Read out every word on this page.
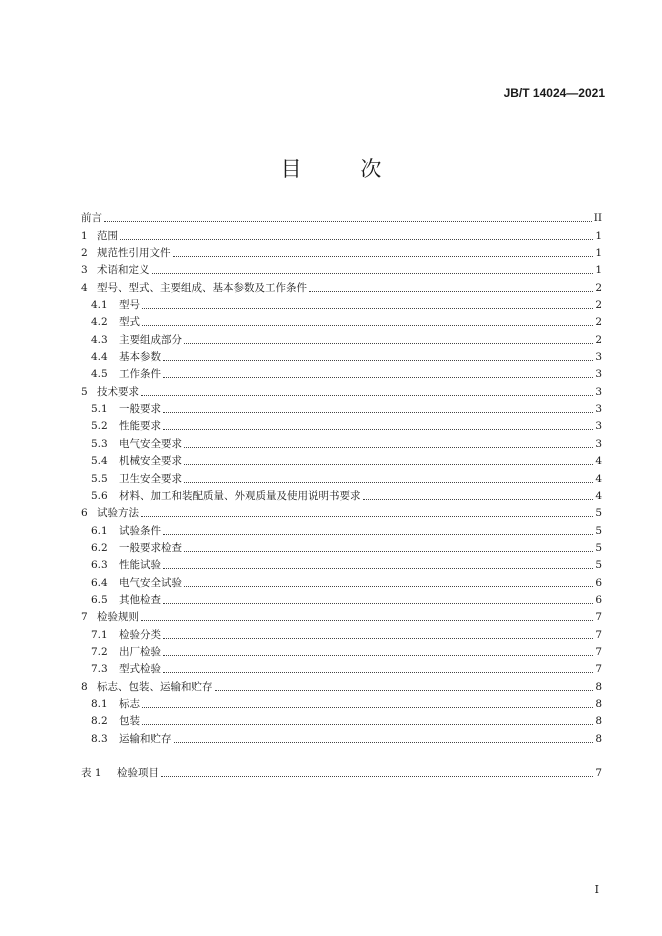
JB/T 14024—2021
目 次
前言	II
1 范围	1
2 规范性引用文件	1
3 术语和定义	1
4 型号、型式、主要组成、基本参数及工作条件	2
4.1	型号	2
4.2	型式	2
4.3	主要组成部分	2
4.4	基本参数	3
4.5	工作条件	3
5 技术要求	3
5.1	一般要求	3
5.2	性能要求	3
5.3	电气安全要求	3
5.4	机械安全要求	4
5.5	卫生安全要求	4
5.6	材料、加工和装配质量、外观质量及使用说明书要求	4
6 试验方法	5
6.1	试验条件	5
6.2	一般要求检查	5
6.3	性能试验	5
6.4	电气安全试验	6
6.5	其他检查	6
7 检验规则	7
7.1	检验分类	7
7.2	出厂检验	7
7.3	型式检验	7
8 标志、包装、运输和贮存	8
8.1	标志	8
8.2	包装	8
8.3	运输和贮存	8
表 1	检验项目	7
I
